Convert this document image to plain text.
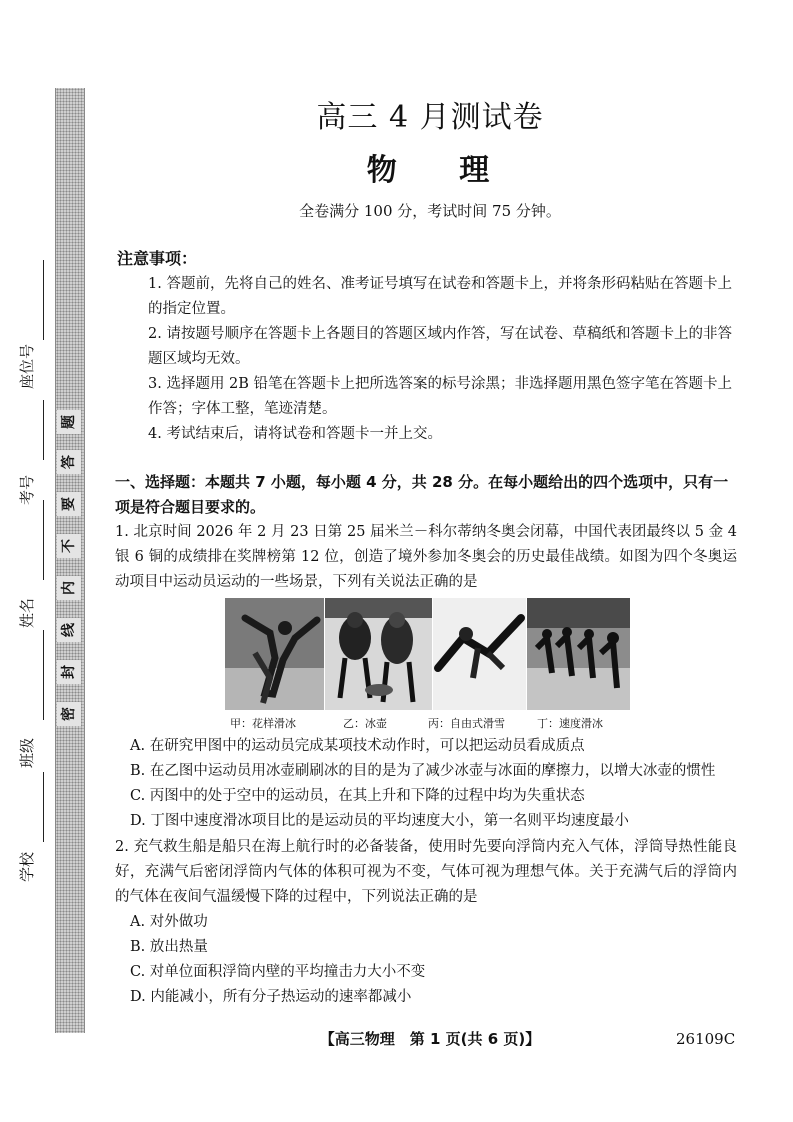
题
答
要
不
内
线
封
密
学校
班级
姓名
考号
座位号
高三 4 月测试卷
物 理
全卷满分 100 分，考试时间 75 分钟。
注意事项：
1. 答题前，先将自己的姓名、准考证号填写在试卷和答题卡上，并将条形码粘贴在答题卡上的指定位置。
2. 请按题号顺序在答题卡上各题目的答题区域内作答，写在试卷、草稿纸和答题卡上的非答题区域均无效。
3. 选择题用 2B 铅笔在答题卡上把所选答案的标号涂黑；非选择题用黑色签字笔在答题卡上作答；字体工整，笔迹清楚。
4. 考试结束后，请将试卷和答题卡一并上交。
一、选择题：本题共 7 小题，每小题 4 分，共 28 分。在每小题给出的四个选项中，只有一项是符合题目要求的。
1. 北京时间 2026 年 2 月 23 日第 25 届米兰－科尔蒂纳冬奥会闭幕，中国代表团最终以 5 金 4 银 6 铜的成绩排在奖牌榜第 12 位，创造了境外参加冬奥会的历史最佳战绩。如图为四个冬奥运动项目中运动员运动的一些场景，下列有关说法正确的是
甲：花样滑冰	乙：冰壶	丙：自由式滑雪	丁：速度滑冰
A. 在研究甲图中的运动员完成某项技术动作时，可以把运动员看成质点
B. 在乙图中运动员用冰壶刷刷冰的目的是为了减少冰壶与冰面的摩擦力，以增大冰壶的惯性
C. 丙图中的处于空中的运动员，在其上升和下降的过程中均为失重状态
D. 丁图中速度滑冰项目比的是运动员的平均速度大小，第一名则平均速度最小
2. 充气救生船是船只在海上航行时的必备装备，使用时先要向浮筒内充入气体，浮筒导热性能良好，充满气后密闭浮筒内气体的体积可视为不变，气体可视为理想气体。关于充满气后的浮筒内的气体在夜间气温缓慢下降的过程中，下列说法正确的是
A. 对外做功
B. 放出热量
C. 对单位面积浮筒内壁的平均撞击力大小不变
D. 内能减小，所有分子热运动的速率都减小
【高三物理　第 1 页(共 6 页)】	26109C
